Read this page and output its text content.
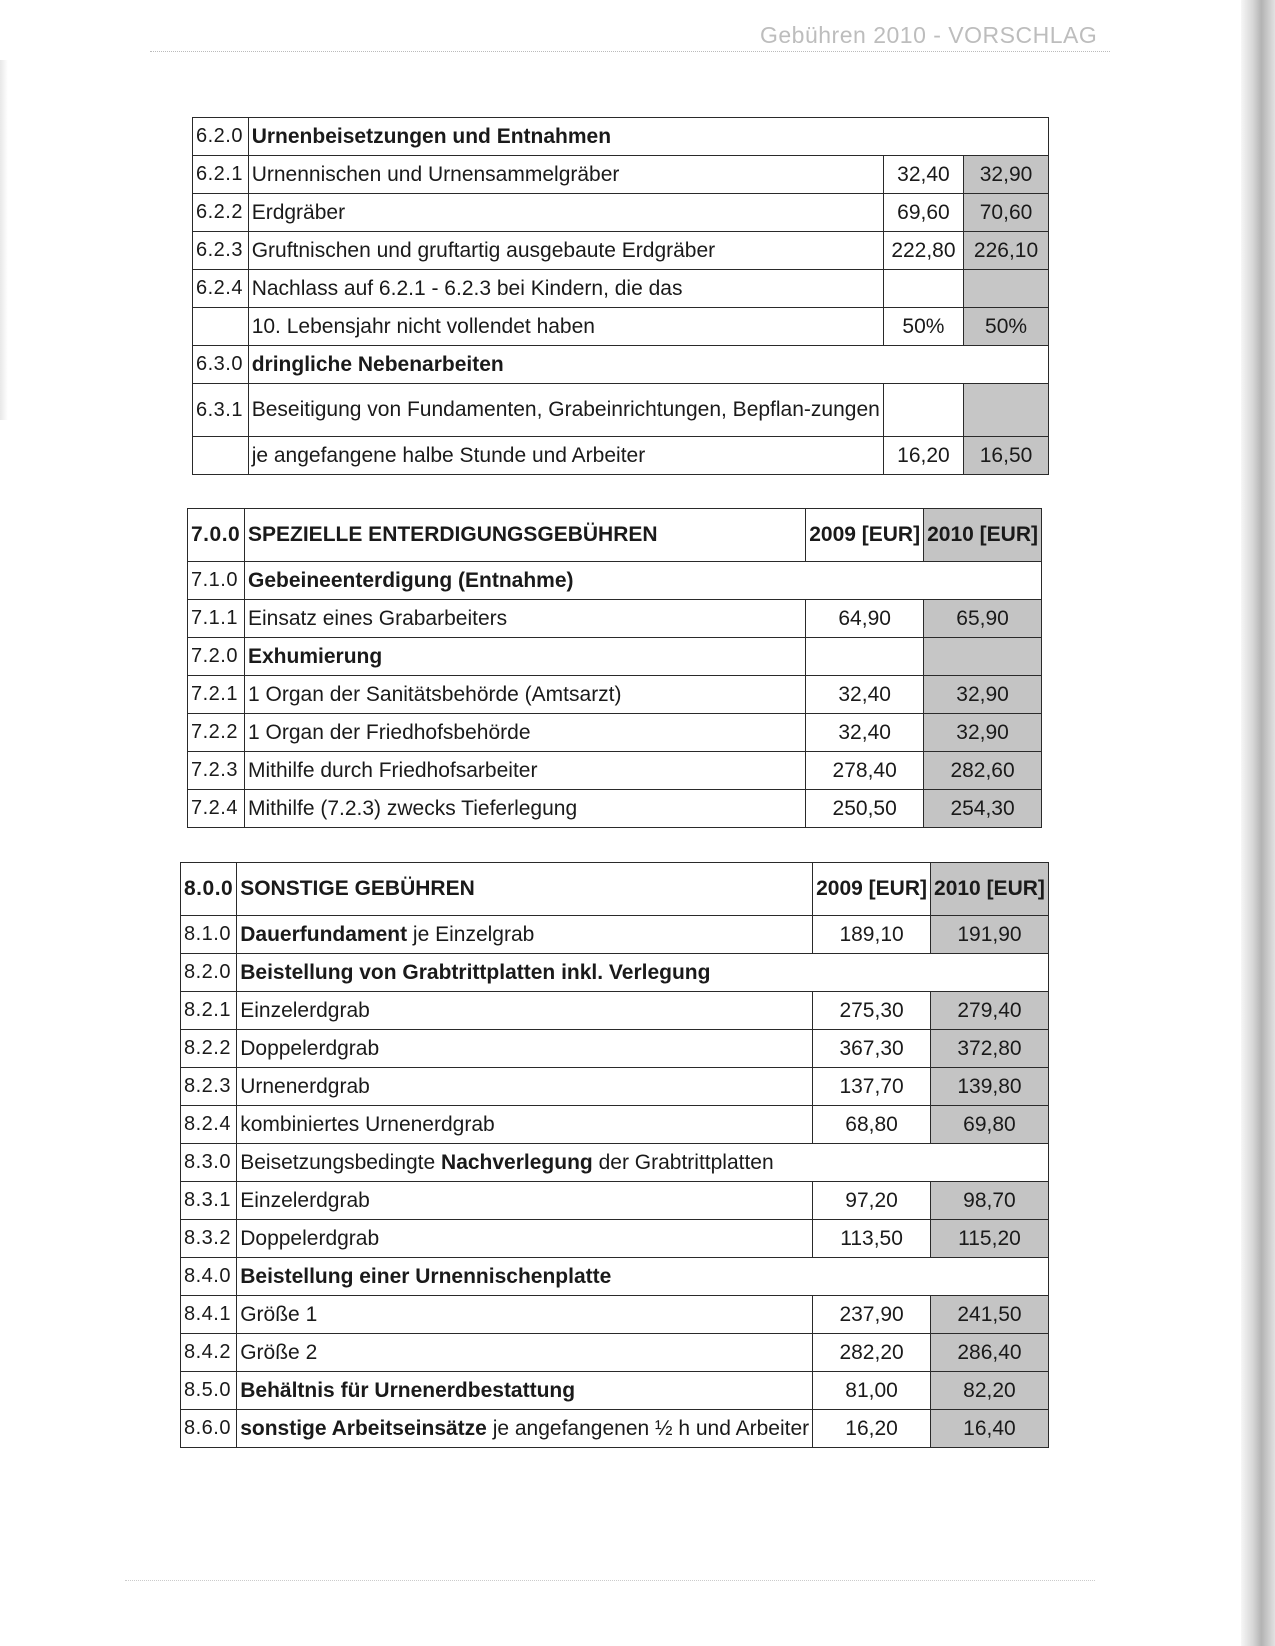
Gebühren 2010 - VORSCHLAG
6.2.0	Urnenbeisetzungen und Entnahmen		
6.2.1	Urnennischen und Urnensammelgräber	32,40	32,90
6.2.2	Erdgräber	69,60	70,60
6.2.3	Gruftnischen und gruftartig ausgebaute Erdgräber	222,80	226,10
6.2.4	Nachlass auf 6.2.1 - 6.2.3 bei Kindern, die das		
	10. Lebensjahr nicht vollendet haben	50%	50%
6.3.0	dringliche Nebenarbeiten		
6.3.1	Beseitigung von Fundamenten, Grabeinrichtungen, Bepflan-zungen		
	je angefangene halbe Stunde und Arbeiter	16,20	16,50
7.0.0	SPEZIELLE ENTERDIGUNGSGEBÜHREN	2009 [EUR]	2010 [EUR]
7.1.0	Gebeineenterdigung (Entnahme)		
7.1.1	Einsatz eines Grabarbeiters	64,90	65,90
7.2.0	Exhumierung		
7.2.1	1 Organ der Sanitätsbehörde (Amtsarzt)	32,40	32,90
7.2.2	1 Organ der Friedhofsbehörde	32,40	32,90
7.2.3	Mithilfe durch Friedhofsarbeiter	278,40	282,60
7.2.4	Mithilfe (7.2.3) zwecks Tieferlegung	250,50	254,30
8.0.0	SONSTIGE GEBÜHREN	2009 [EUR]	2010 [EUR]
8.1.0	Dauerfundament je Einzelgrab	189,10	191,90
8.2.0	Beistellung von Grabtrittplatten inkl. Verlegung		
8.2.1	Einzelerdgrab	275,30	279,40
8.2.2	Doppelerdgrab	367,30	372,80
8.2.3	Urnenerdgrab	137,70	139,80
8.2.4	kombiniertes Urnenerdgrab	68,80	69,80
8.3.0	Beisetzungsbedingte Nachverlegung der Grabtrittplatten		
8.3.1	Einzelerdgrab	97,20	98,70
8.3.2	Doppelerdgrab	113,50	115,20
8.4.0	Beistellung einer Urnennischenplatte		
8.4.1	Größe 1	237,90	241,50
8.4.2	Größe 2	282,20	286,40
8.5.0	Behältnis für Urnenerdbestattung	81,00	82,20
8.6.0	sonstige Arbeitseinsätze je angefangenen ½ h und Arbeiter	16,20	16,40
